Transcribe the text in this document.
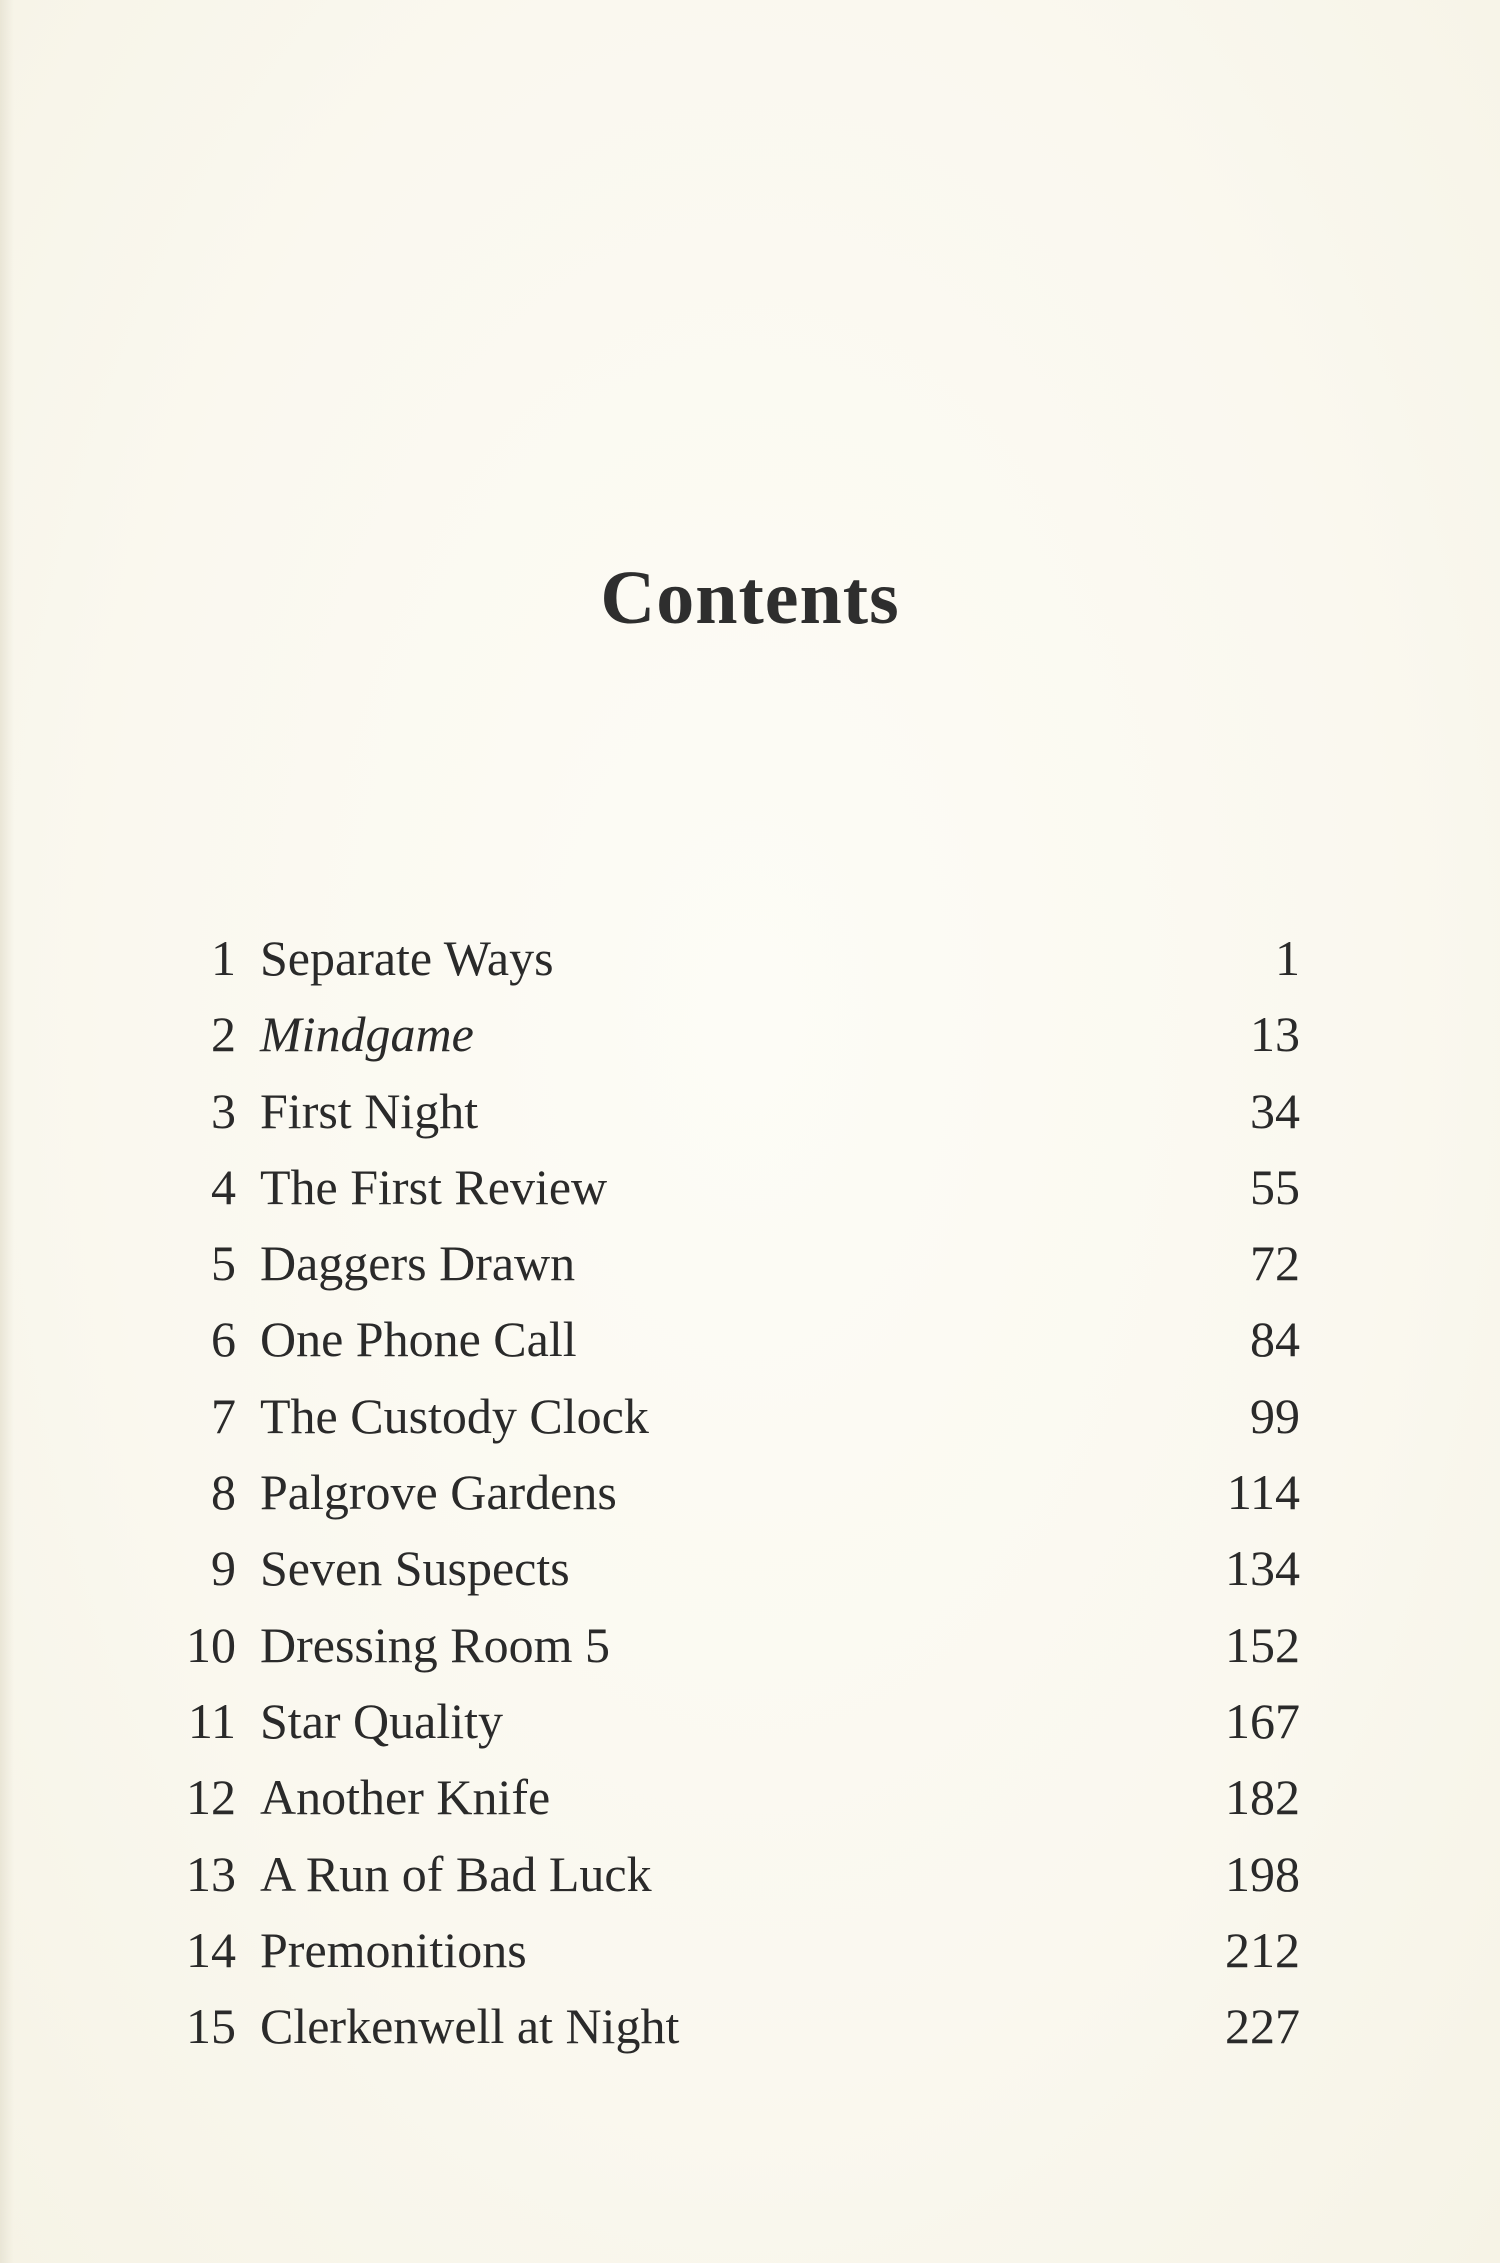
Contents
1 Separate Ways	1
2 Mindgame	13
3 First Night	34
4 The First Review	55
5 Daggers Drawn	72
6 One Phone Call	84
7 The Custody Clock	99
8 Palgrove Gardens	114
9 Seven Suspects	134
10 Dressing Room 5	152
11 Star Quality	167
12 Another Knife	182
13 A Run of Bad Luck	198
14 Premonitions	212
15 Clerkenwell at Night	227
